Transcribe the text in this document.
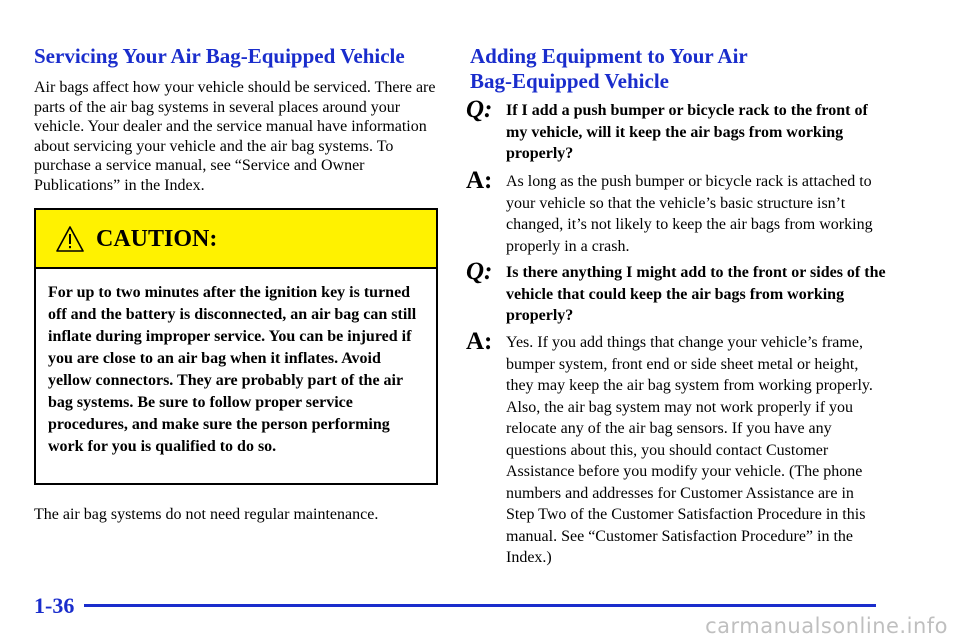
Servicing Your Air Bag-Equipped Vehicle

Air bags affect how your vehicle should be serviced. There are parts of the air bag systems in several places around your vehicle. Your dealer and the service manual have information about servicing your vehicle and the air bag systems. To purchase a service manual, see “Service and Owner Publications” in the Index.

CAUTION:
For up to two minutes after the ignition key is turned off and the battery is disconnected, an air bag can still inflate during improper service. You can be injured if you are close to an air bag when it inflates. Avoid yellow connectors. They are probably part of the air bag systems. Be sure to follow proper service procedures, and make sure the person performing work for you is qualified to do so.

The air bag systems do not need regular maintenance.

Adding Equipment to Your Air
Bag-Equipped Vehicle
Q: If I add a push bumper or bicycle rack to the front of my vehicle, will it keep the air bags from working properly?
A: As long as the push bumper or bicycle rack is attached to your vehicle so that the vehicle’s basic structure isn’t changed, it’s not likely to keep the air bags from working properly in a crash.
Q: Is there anything I might add to the front or sides of the vehicle that could keep the air bags from working properly?
A: Yes. If you add things that change your vehicle’s frame, bumper system, front end or side sheet metal or height, they may keep the air bag system from working properly. Also, the air bag system may not work properly if you relocate any of the air bag sensors. If you have any questions about this, you should contact Customer Assistance before you modify your vehicle. (The phone numbers and addresses for Customer Assistance are in Step Two of the Customer Satisfaction Procedure in this manual. See “Customer Satisfaction Procedure” in the Index.)
1-36
carmanualsonline.info
